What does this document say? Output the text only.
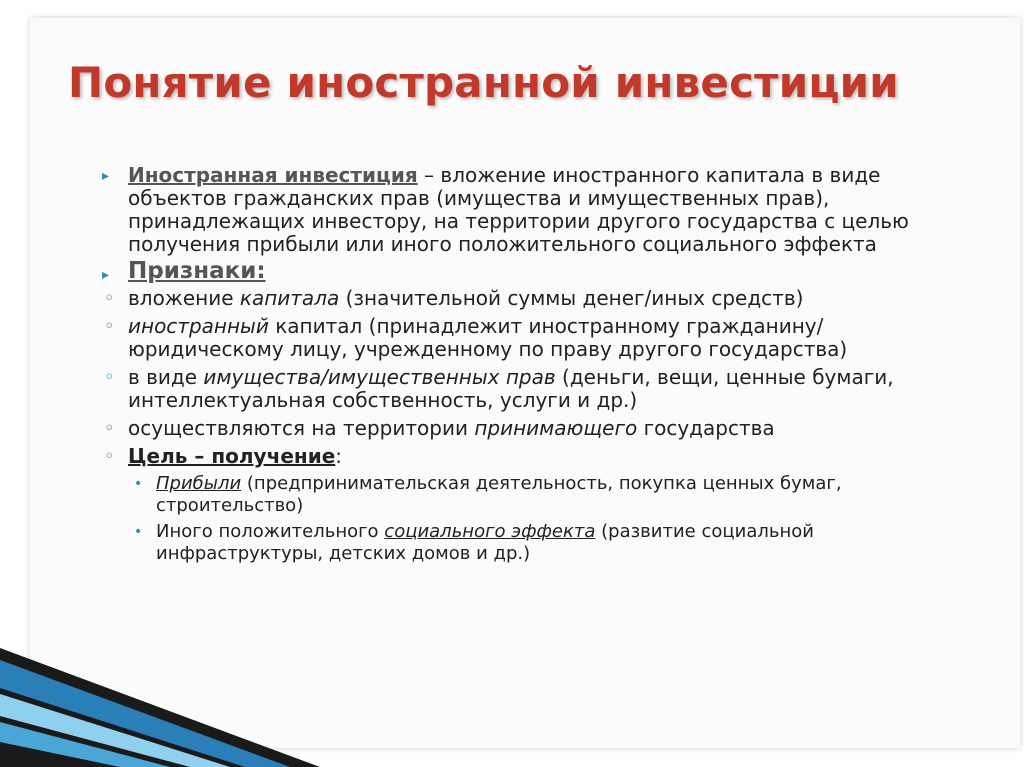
Понятие иностранной инвестиции
▸ Иностранная инвестиция – вложение иностранного капитала в виде объектов гражданских прав (имущества и имущественных прав), принадлежащих инвестору, на территории другого государства с целью получения прибыли или иного положительного социального эффекта
▸ Признаки:
◦ вложение капитала (значительной суммы денег/иных средств)
◦ иностранный капитал (принадлежит иностранному гражданину/юридическому лицу, учрежденному по праву другого государства)
◦ в виде имущества/имущественных прав (деньги, вещи, ценные бумаги, интеллектуальная собственность, услуги и др.)
◦ осуществляются на территории принимающего государства
◦ Цель – получение:
• Прибыли (предпринимательская деятельность, покупка ценных бумаг, строительство)
• Иного положительного социального эффекта (развитие социальной инфраструктуры, детских домов и др.)
